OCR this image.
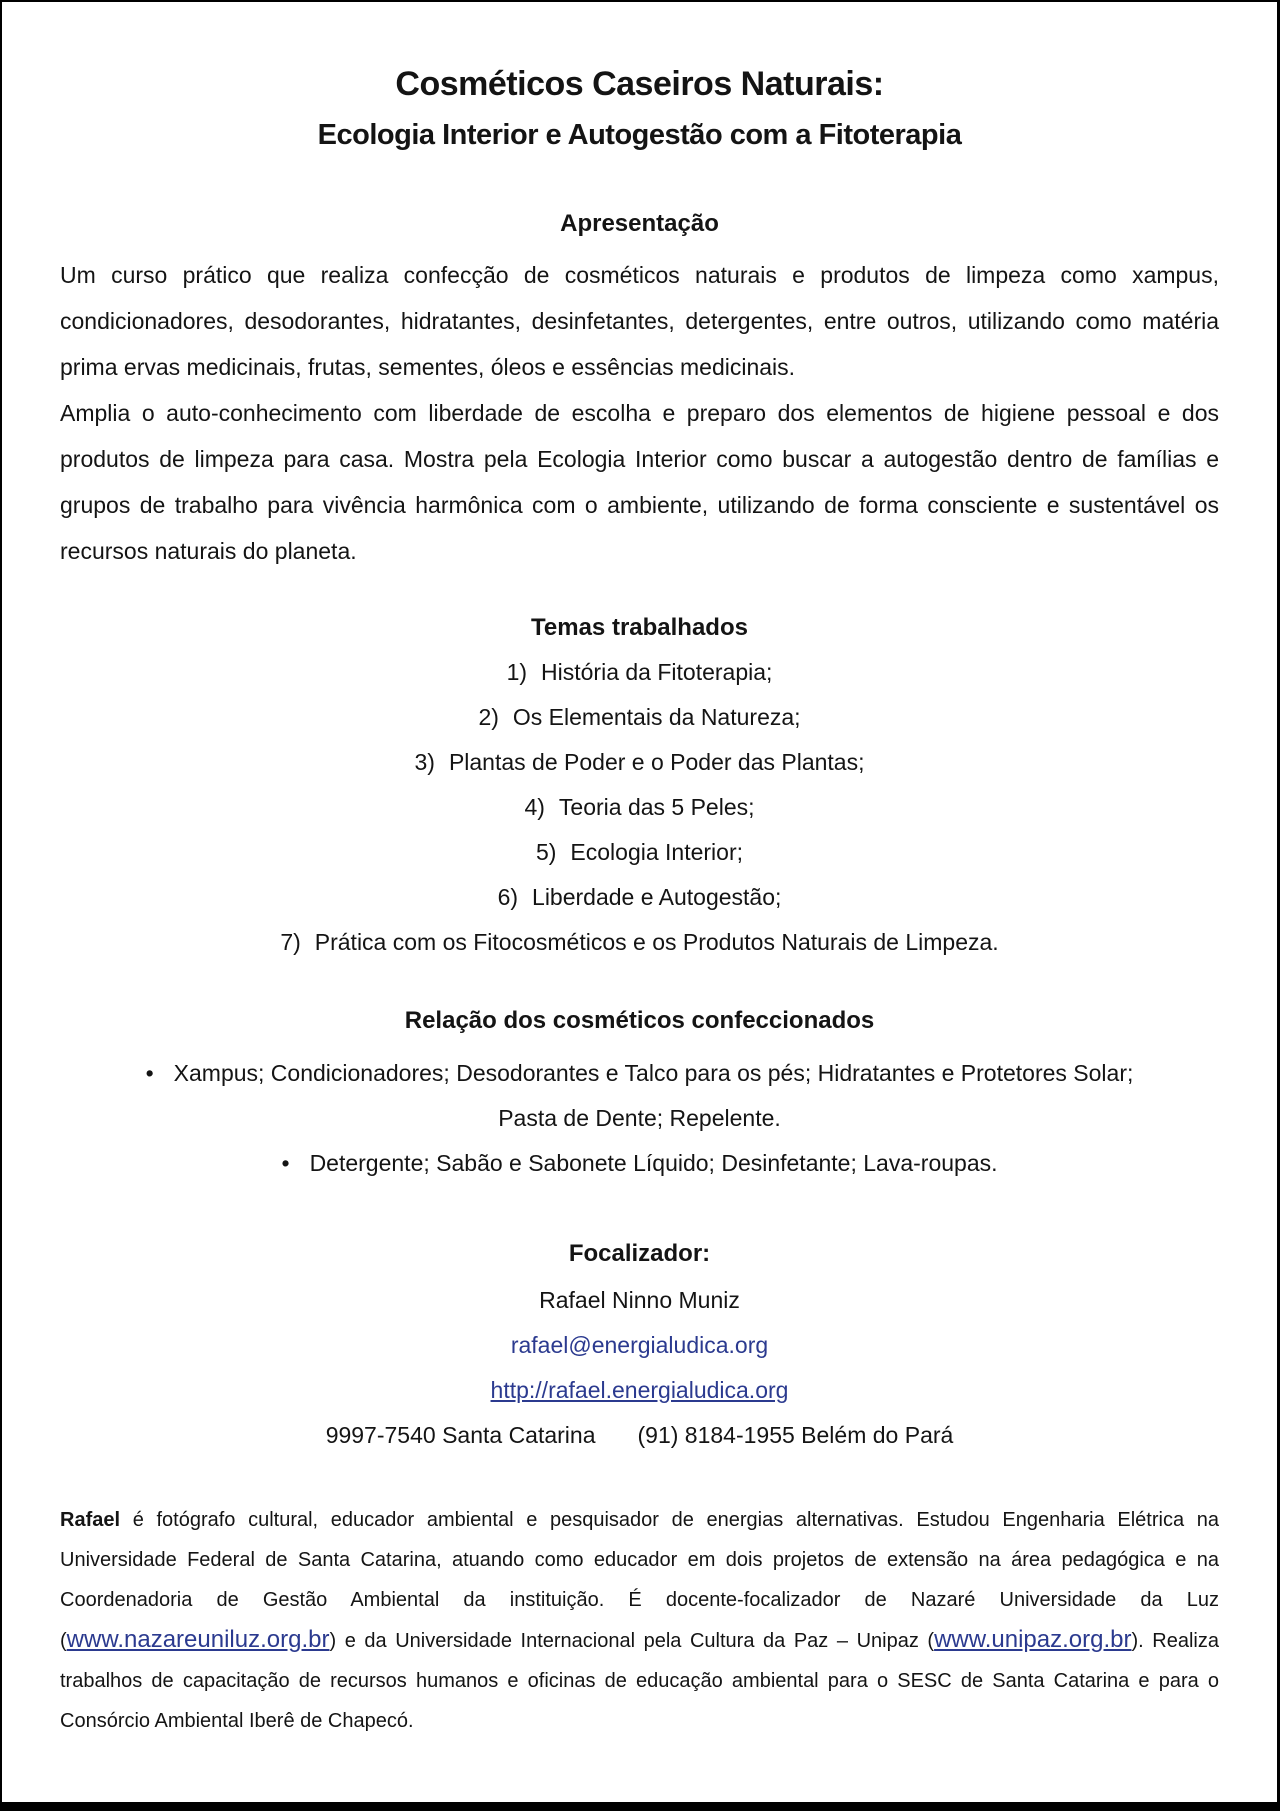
Cosméticos Caseiros Naturais:
Ecologia Interior e Autogestão com a Fitoterapia
Apresentação

Um curso prático que realiza confecção de cosméticos naturais e produtos de limpeza como xampus, condicionadores, desodorantes, hidratantes, desinfetantes, detergentes, entre outros, utilizando como matéria prima ervas medicinais, frutas, sementes, óleos e essências medicinais.

Amplia o auto-conhecimento com liberdade de escolha e preparo dos elementos de higiene pessoal e dos produtos de limpeza para casa. Mostra pela Ecologia Interior como buscar a autogestão dentro de famílias e grupos de trabalho para vivência harmônica com o ambiente, utilizando de forma consciente e sustentável os recursos naturais do planeta.

Temas trabalhados
1) História da Fitoterapia;
2) Os Elementais da Natureza;
3) Plantas de Poder e o Poder das Plantas;
4) Teoria das 5 Peles;
5) Ecologia Interior;
6) Liberdade e Autogestão;
7) Prática com os Fitocosméticos e os Produtos Naturais de Limpeza.
Relação dos cosméticos confeccionados
• Xampus; Condicionadores; Desodorantes e Talco para os pés; Hidratantes e Protetores Solar;
Pasta de Dente; Repelente.
• Detergente; Sabão e Sabonete Líquido; Desinfetante; Lava-roupas.
Focalizador:
Rafael Ninno Muniz
rafael@energialudica.org
http://rafael.energialudica.org
9997-7540 Santa Catarina (91) 8184-1955 Belém do Pará

Rafael é fotógrafo cultural, educador ambiental e pesquisador de energias alternativas. Estudou Engenharia Elétrica na Universidade Federal de Santa Catarina, atuando como educador em dois projetos de extensão na área pedagógica e na Coordenadoria de Gestão Ambiental da instituição. É docente-focalizador de Nazaré Universidade da Luz (www.nazareuniluz.org.br) e da Universidade Internacional pela Cultura da Paz – Unipaz (www.unipaz.org.br). Realiza trabalhos de capacitação de recursos humanos e oficinas de educação ambiental para o SESC de Santa Catarina e para o Consórcio Ambiental Iberê de Chapecó.
